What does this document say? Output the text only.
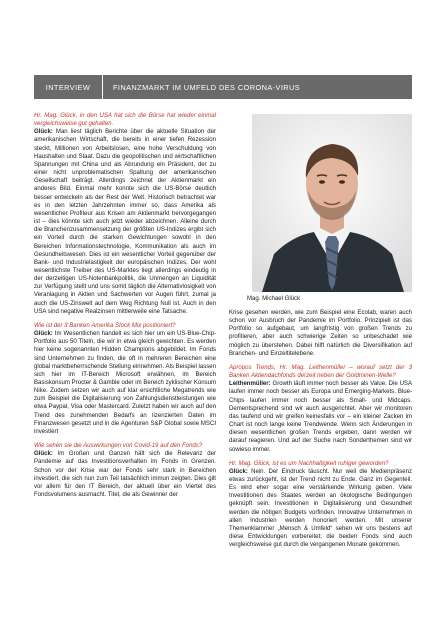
INTERVIEW	FINANZMARKT IM UMFELD DES CORONA-VIRUS
Hr. Mag. Glück, in den USA hat sich die Börse hat wieder einmal vergleichsweise gut gehalten.
Glück: Man liest täglich Berichte über die aktuelle Situation der amerikanischen Wirtschaft, die bereits in einer tiefen Rezession steckt, Millionen von Arbeitslosen, eine hohe Verschuldung von Haushalten und Staat. Dazu die geopolitischen und wirtschaftlichen Spannungen mit China und als Abrundung ein Präsident, der zu einer nicht unproblematischen Spaltung der amerikanischen Gesellschaft beiträgt. Allerdings zeichnet der Aktienmarkt ein anderes Bild. Einmal mehr konnte sich die US-Börse deutlich besser entwickeln als der Rest der Welt. Historisch betrachtet war es in den letzten Jahrzehnten immer so, dass Amerika als wesentlicher Profiteur aus Krisen am Aktienmarkt hervorgegangen ist – dies könnte sich auch jetzt wieder abzeichnen. Alleine durch die Branchenzusammensetzung der größten US-Indizes ergibt sich ein Vorteil durch die starken Gewichtungen sowohl in den Bereichen Informationstechnologie, Kommunikation als auch im Gesundheitswesen. Dies ist ein wesentlicher Vorteil gegenüber der Bank- und Industrielastigkeit der europäischen Indizes. Der wohl wesentlichste Treiber des US-Marktes liegt allerdings eindeutig in der derzeitigen US-Notenbankpolitik, die Unmengen an Liquidität zur Verfügung stellt und uns somit täglich die Alternativlosigkeit von Veranlagung in Aktien und Sachwerten vor Augen führt, zumal ja auch die US-Zinswelt auf dem Weg Richtung Null ist. Auch in den USA sind negative Realzinsen mittlerweile eine Tatsache.
Wie ist der 3 Banken Amerika Stock Mix positioniert?
Glück: Im Wesentlichen handelt es sich hier um ein US-Blue-Chip-Portfolio aus 50 Titeln, die wir in etwa gleich gewichten. Es werden hier keine sogenannten Hidden Champions abgebildet. Im Fonds sind Unternehmen zu finden, die oft in mehreren Bereichen eine global marktbeherrschende Stellung einnehmen. Als Beispiel lassen sich hier im IT-Bereich Microsoft erwähnen, im Bereich Basiskonsum Procter & Gamble oder im Bereich zyklischer Konsum Nike. Zudem setzen wir auch auf klar ersichtliche Megatrends wie zum Beispiel die Digitalisierung von Zahlungsdienstleistungen wie etwa Paypal, Visa oder Mastercard. Zuletzt haben wir auch auf den Trend des zunehmenden Bedarfs an lizenzierten Daten im Finanzwesen gesetzt und in die Agenturen S&P Global sowie MSCI investiert
Wie sehen sie die Auswirkungen von Covid-19 auf den Fonds?
Glück: Im Großen und Ganzen hält sich die Relevanz der Pandemie auf das Investitionsverhalten im Fonds in Grenzen. Schon vor der Krise war der Fonds sehr stark in Bereichen investiert, die sich nun zum Teil tatsächlich immun zeigten. Dies gilt vor allem für den IT Bereich, der aktuell über ein Viertel des Fondsvolumens ausmacht. Titel, die als Gewinner der
Mag. Michael Glück
Krise gesehen werden, wie zum Beispiel eine Ecolab, waren auch schon vor Ausbruch der Pandemie im Portfolio. Prinzipiell ist das Portfolio so aufgebaut, um langfristig von großen Trends zu profitieren, aber auch schwierige Zeiten so unbeschadet wie möglich zu überstehen. Dabei hilft natürlich die Diversifikation auf Branchen- und Einzeltitelebene.
Apropos Trends, Hr. Mag. Leithenmüller – worauf setzt der 3 Banken Aktiendachfonds derzeit neben der Goldminen-Welle?
Leithenmüller: Growth läuft immer noch besser als Value. Die USA laufen immer noch besser als Europa und Emerging-Markets. Blue-Chips laufen immer noch besser als Small- und Midcaps. Dementsprechend sind wir auch ausgerichtet. Aber wir monitoren das laufend und wir greifen keinesfalls vor – ein kleiner Zacken im Chart ist noch lange keine Trendwende. Wenn sich Änderungen in diesen wesentlichen großen Trends ergeben, dann werden wir darauf reagieren. Und auf der Suche nach Sonderthemen sind wir sowieso immer.
Hr. Mag. Glück, ist es um Nachhaltigkeit ruhiger geworden?
Glück: Nein. Der Eindruck täuscht. Nur weil die Medienpräsenz etwas zurückgeht, ist der Trend nicht zu Ende. Ganz im Gegenteil. Es wird eher sogar eine verstärkende Wirkung geben. Viele Investitionen des Staates werden an ökologische Bedingungen geknüpft sein. Investitionen in Digitalisierung und Gesundheit werden die nötigen Budgets vorfinden. Innovative Unternehmen in allen Industrien werden honoriert werden. Mit unserer Themenklammer „Mensch & Umfeld“ sehen wir uns bestens auf diese Entwicklungen vorbereitet; die beiden Fonds sind auch vergleichsweise gut durch die vergangenen Monate gekommen.
